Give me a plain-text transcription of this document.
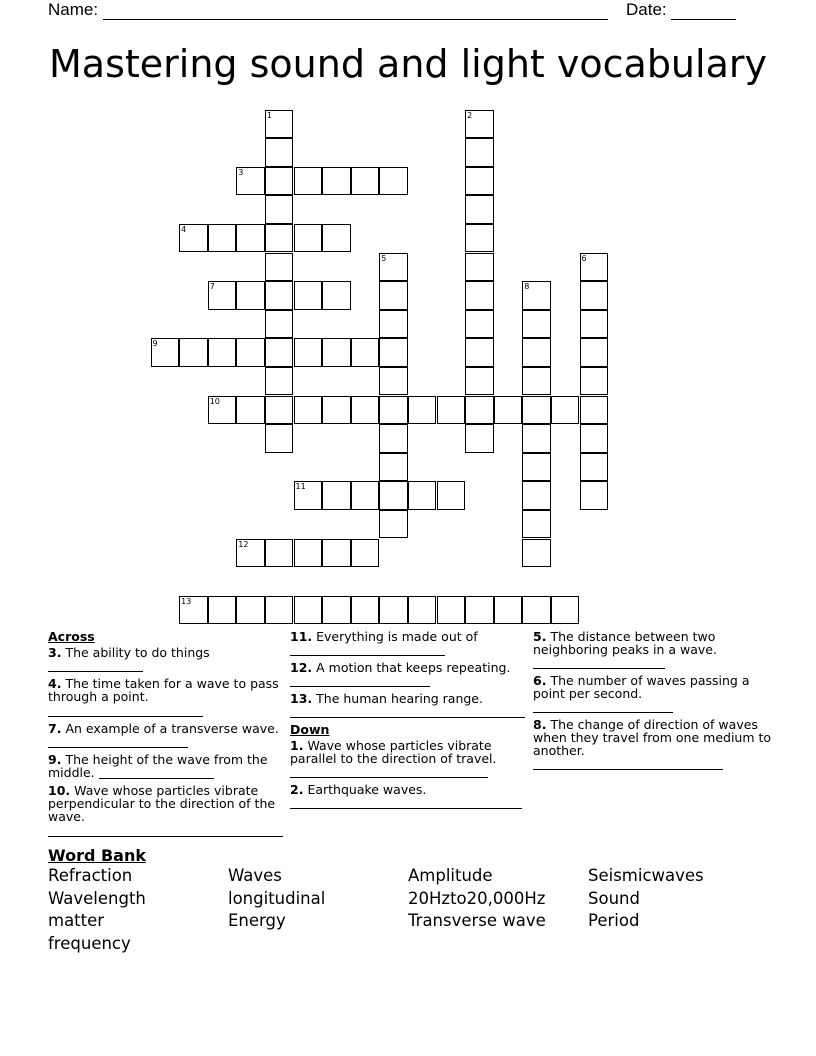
Name:	Date:
Mastering sound and light vocabulary
1	2
3
4
5	6
7	8
9
10
11
12
13
Across
3. The ability to do things
4. The time taken for a wave to pass through a point.

7. An example of a transverse wave.
9. The height of the wave from the middle.
10. Wave whose particles vibrate perpendicular to the direction of the wave.

11. Everything is made out of

12. A motion that keeps repeating.

13. The human hearing range.

Down
1. Wave whose particles vibrate parallel to the direction of travel.

2. Earthquake waves.

5. The distance between two neighboring peaks in a wave.

6. The number of waves passing a point per second.

8. The change of direction of waves when they travel from one medium to another.

Word Bank
Refraction
Wavelength
matter
frequency
Waves
longitudinal
Energy
Amplitude
20Hzto20,000Hz
Transverse wave
Seismicwaves
Sound
Period
